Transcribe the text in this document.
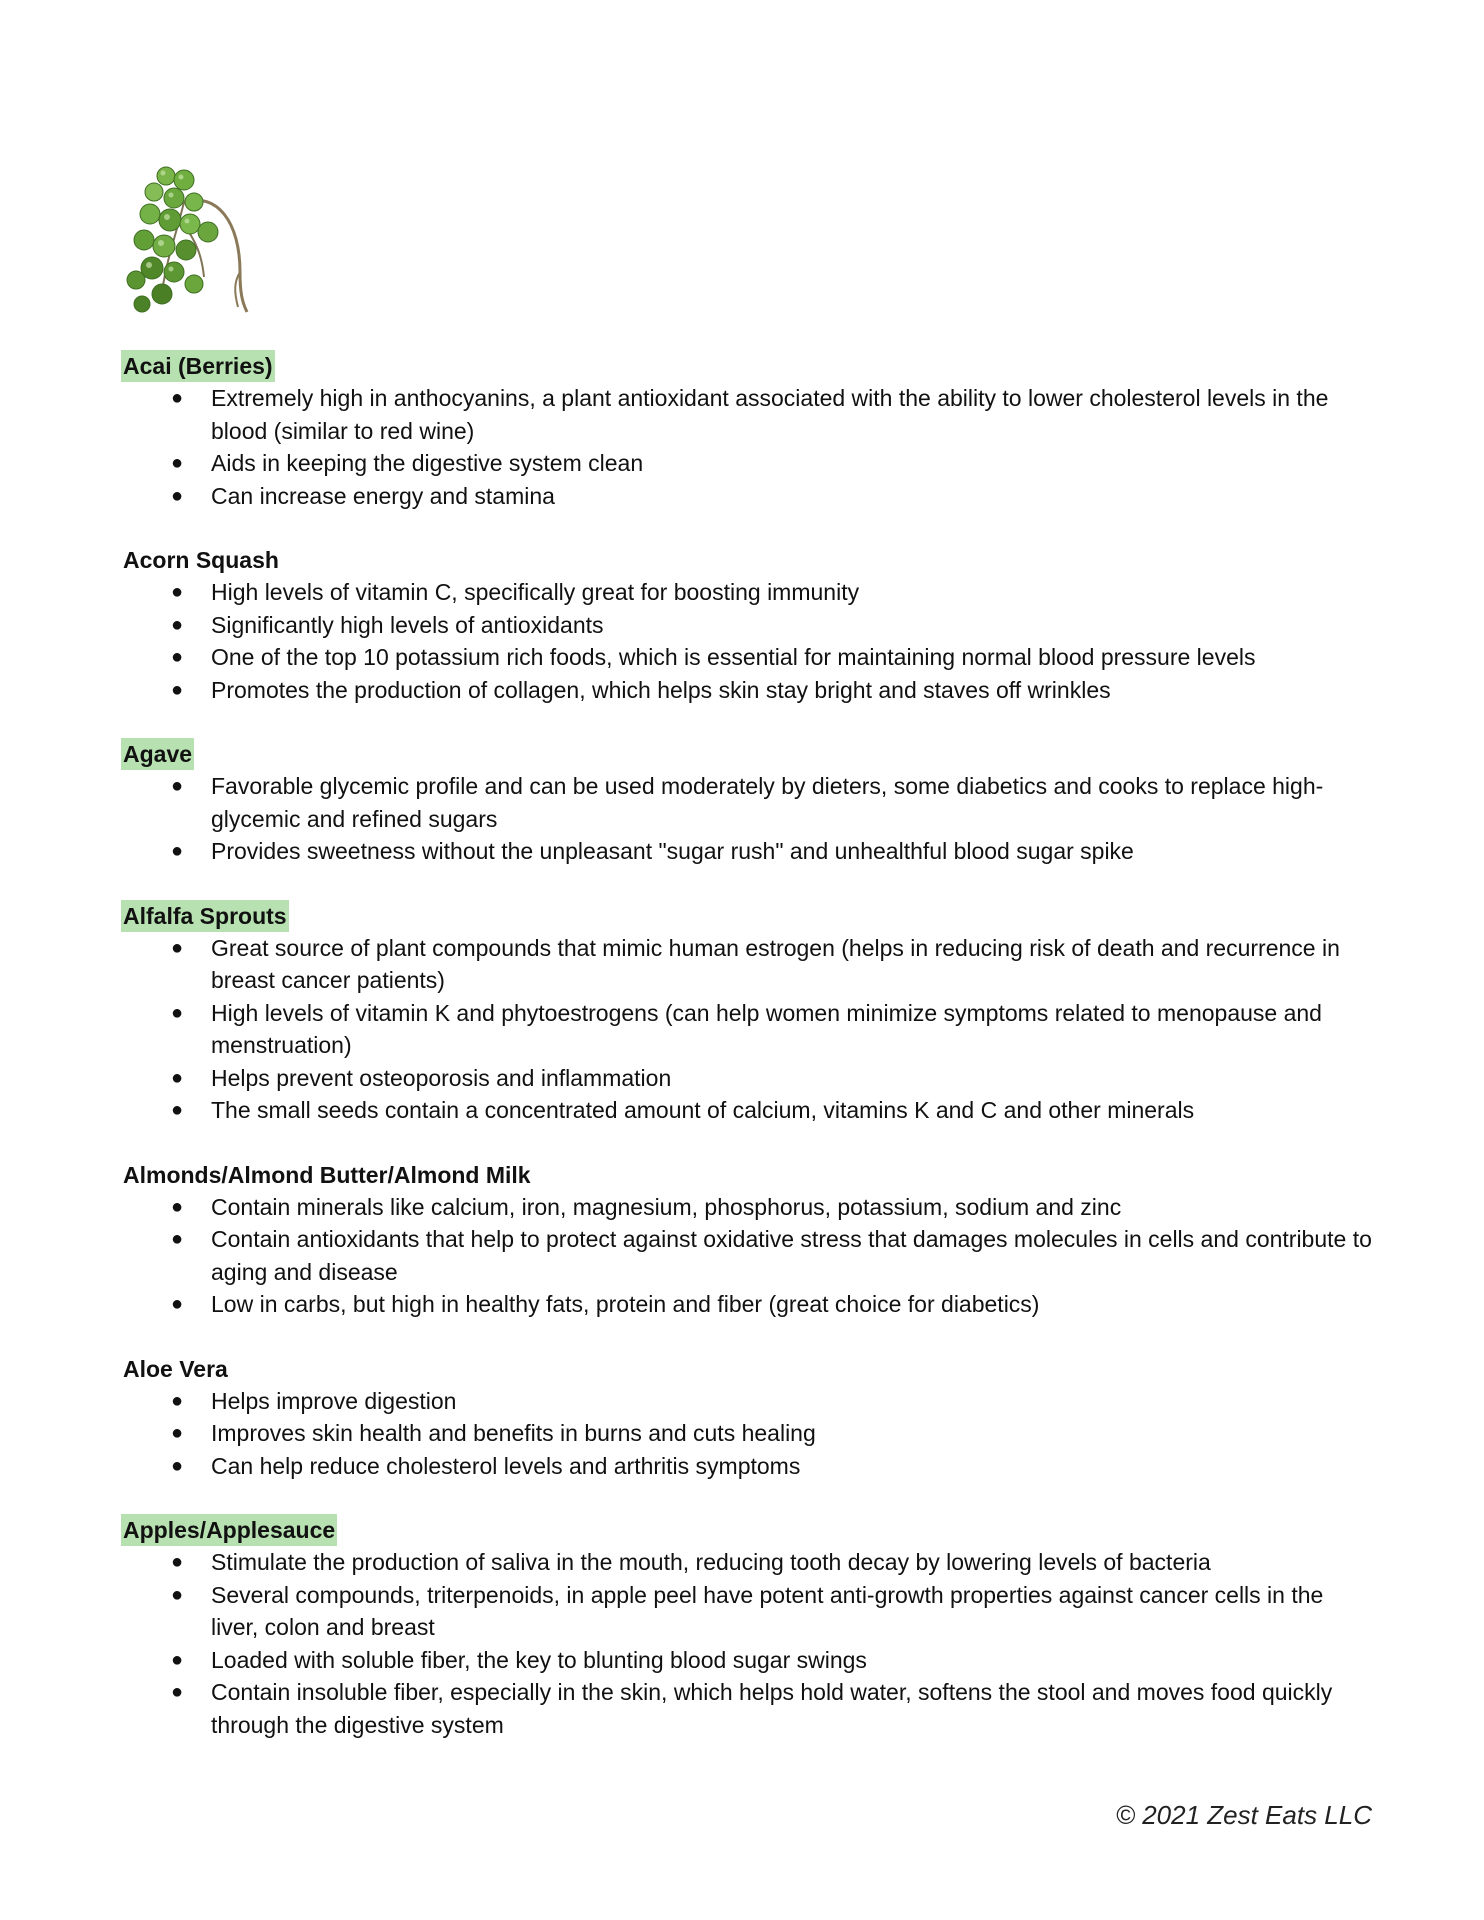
Acai (Berries)
● Extremely high in anthocyanins, a plant antioxidant associated with the ability to lower cholesterol levels in the blood (similar to red wine)
● Aids in keeping the digestive system clean
● Can increase energy and stamina
Acorn Squash
● High levels of vitamin C, specifically great for boosting immunity
● Significantly high levels of antioxidants
● One of the top 10 potassium rich foods, which is essential for maintaining normal blood pressure levels
● Promotes the production of collagen, which helps skin stay bright and staves off wrinkles
Agave
● Favorable glycemic profile and can be used moderately by dieters, some diabetics and cooks to replace high-glycemic and refined sugars
● Provides sweetness without the unpleasant "sugar rush" and unhealthful blood sugar spike
Alfalfa Sprouts
● Great source of plant compounds that mimic human estrogen (helps in reducing risk of death and recurrence in breast cancer patients)
● High levels of vitamin K and phytoestrogens (can help women minimize symptoms related to menopause and menstruation)
● Helps prevent osteoporosis and inflammation
● The small seeds contain a concentrated amount of calcium, vitamins K and C and other minerals
Almonds/Almond Butter/Almond Milk
● Contain minerals like calcium, iron, magnesium, phosphorus, potassium, sodium and zinc
● Contain antioxidants that help to protect against oxidative stress that damages molecules in cells and contribute to aging and disease
● Low in carbs, but high in healthy fats, protein and fiber (great choice for diabetics)
Aloe Vera
● Helps improve digestion
● Improves skin health and benefits in burns and cuts healing
● Can help reduce cholesterol levels and arthritis symptoms
Apples/Applesauce
● Stimulate the production of saliva in the mouth, reducing tooth decay by lowering levels of bacteria
● Several compounds, triterpenoids, in apple peel have potent anti-growth properties against cancer cells in the liver, colon and breast
● Loaded with soluble fiber, the key to blunting blood sugar swings
● Contain insoluble fiber, especially in the skin, which helps hold water, softens the stool and moves food quickly through the digestive system
© 2021 Zest Eats LLC
